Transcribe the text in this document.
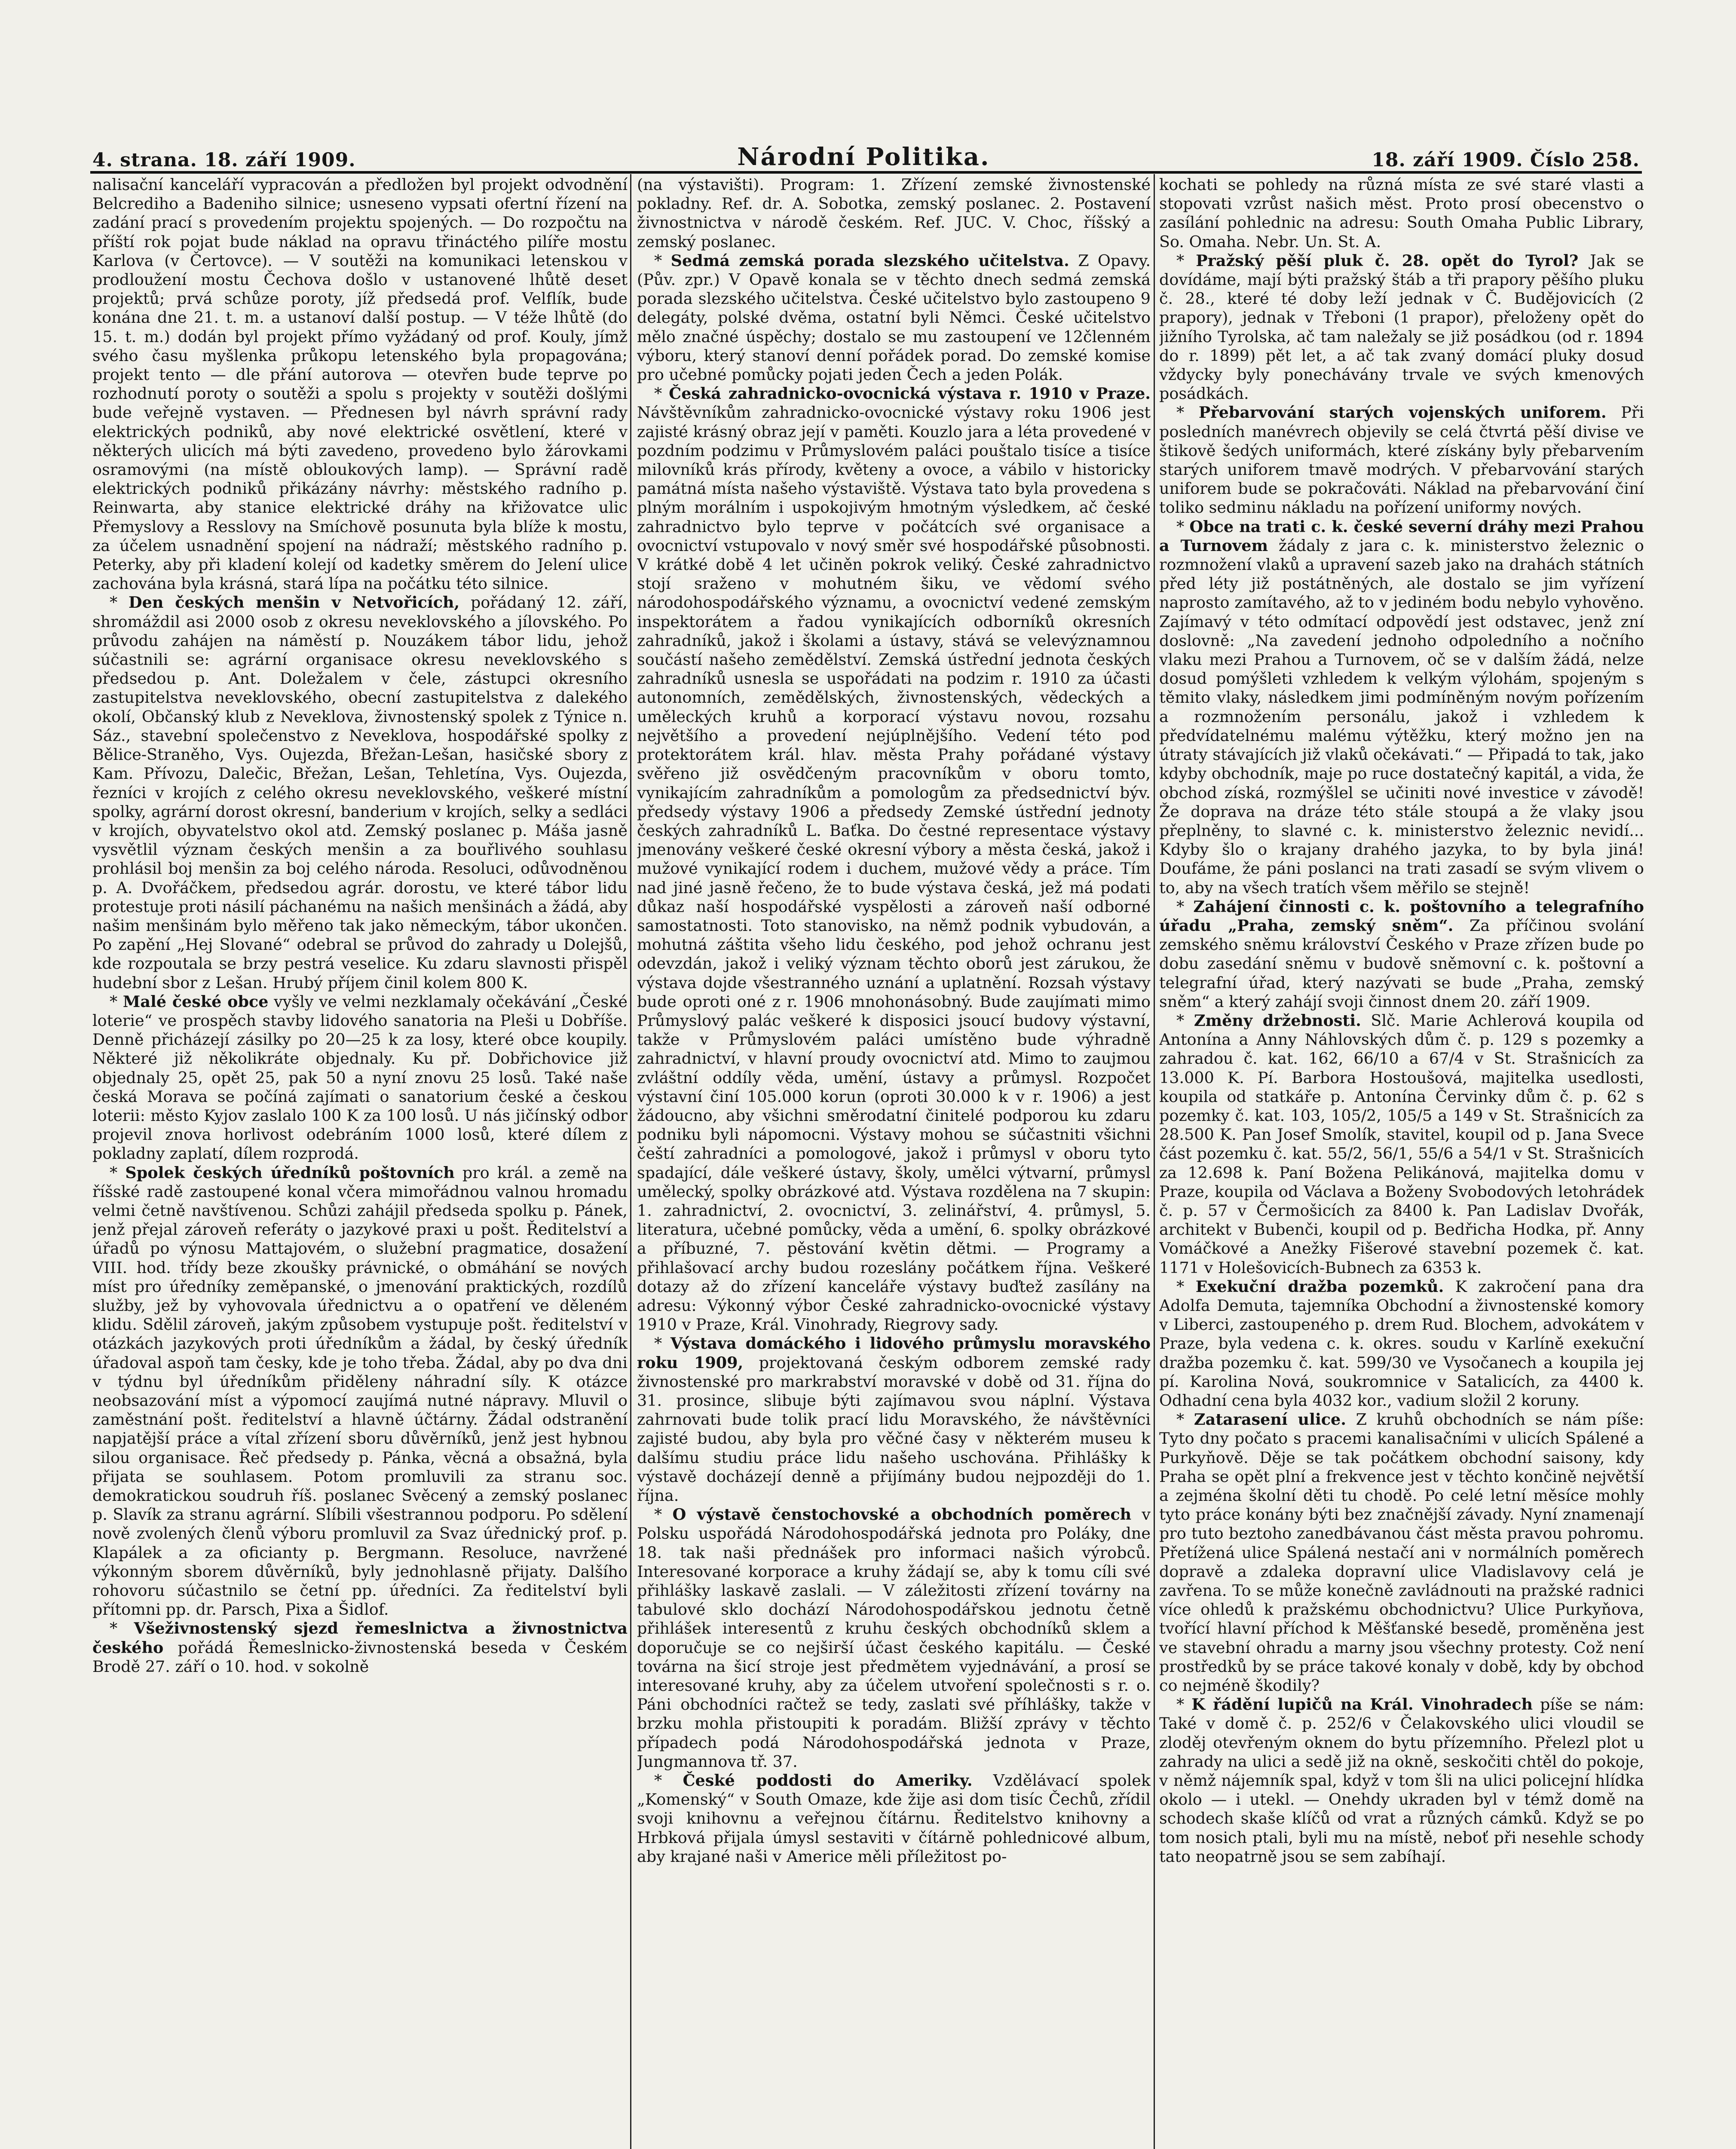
4. strana. 18. září 1909.	Národní Politika.	18. září 1909. Číslo 258.

nalisační kanceláří vypracován a předložen byl projekt odvodnění Belcrediho a Badeniho silnice; usneseno vypsati ofertní řízení na zadání prací s provedením projektu spojených. — Do rozpočtu na příští rok pojat bude náklad na opravu třináctého pilíře mostu Karlova (v Čertovce). — V soutěži na komunikaci letenskou v prodloužení mostu Čechova došlo v ustanovené lhůtě deset projektů; prvá schůze poroty, jíž předsedá prof. Velflík, bude konána dne 21. t. m. a ustanoví další postup. — V téže lhůtě (do 15. t. m.) dodán byl projekt přímo vyžádaný od prof. Kouly, jímž svého času myšlenka průkopu letenského byla propagována; projekt tento — dle přání autorova — otevřen bude teprve po rozhodnutí poroty o soutěži a spolu s projekty v soutěži došlými bude veřejně vystaven. — Přednesen byl návrh správní rady elektrických podniků, aby nové elektrické osvětlení, které v některých ulicích má býti zavedeno, provedeno bylo žárovkami osramovými (na místě obloukových lamp). — Správní radě elektrických podniků přikázány návrhy: městského radního p. Reinwarta, aby stanice elektrické dráhy na křižovatce ulic Přemyslovy a Resslovy na Smíchově posunuta byla blíže k mostu, za účelem usnadnění spojení na nádraží; městského radního p. Peterky, aby při kladení kolejí od kadetky směrem do Jelení ulice zachována byla krásná, stará lípa na počátku této silnice.

* Den českých menšin v Netvořicích, pořádaný 12. září, shromáždil asi 2000 osob z okresu neveklovského a jílovského. Po průvodu zahájen na náměstí p. Nouzákem tábor lidu, jehož súčastnili se: agrární organisace okresu neveklovského s předsedou p. Ant. Doležalem v čele, zástupci okresního zastupitelstva neveklovského, obecní zastupitelstva z dalekého okolí, Občanský klub z Neveklova, živnostenský spolek z Týnice n. Sáz., stavební společenstvo z Neveklova, hospodářské spolky z Bělice-Straněho, Vys. Oujezda, Břežan-Lešan, hasičské sbory z Kam. Přívozu, Dalečic, Břežan, Lešan, Tehletína, Vys. Oujezda, řezníci v krojích z celého okresu neveklovského, veškeré místní spolky, agrární dorost okresní, banderium v krojích, selky a sedláci v krojích, obyvatelstvo okol atd. Zemský poslanec p. Máša jasně vysvětlil význam českých menšin a za bouřlivého souhlasu prohlásil boj menšin za boj celého národa. Resoluci, odůvodněnou p. A. Dvořáčkem, předsedou agrár. dorostu, ve které tábor lidu protestuje proti násilí páchanému na našich menšinách a žádá, aby našim menšinám bylo měřeno tak jako německým, tábor ukončen. Po zapění „Hej Slované“ odebral se průvod do zahrady u Dolejšů, kde rozpoutala se brzy pestrá veselice. Ku zdaru slavnosti přispěl hudební sbor z Lešan. Hrubý příjem činil kolem 800 K.

* Malé české obce vyšly ve velmi nezklamaly očekávání „České loterie“ ve prospěch stavby lidového sanatoria na Pleši u Dobříše. Denně přicházejí zásilky po 20—25 k za losy, které obce koupily. Některé již několikráte objednaly. Ku př. Dobřichovice již objednaly 25, opět 25, pak 50 a nyní znovu 25 losů. Také naše česká Morava se počíná zajímati o sanatorium české a českou loterii: město Kyjov zaslalo 100 K za 100 losů. U nás jičínský odbor projevil znova horlivost odebráním 1000 losů, které dílem z pokladny zaplatí, dílem rozprodá.

* Spolek českých úředníků poštovních pro král. a země na říšské radě zastoupené konal včera mimořádnou valnou hromadu velmi četně navštívenou. Schůzi zahájil předseda spolku p. Pánek, jenž přejal zároveň referáty o jazykové praxi u pošt. Ředitelství a úřadů po výnosu Mattajovém, o služební pragmatice, dosažení VIII. hod. třídy beze zkoušky právnické, o obmáhání se nových míst pro úředníky zeměpanské, o jmenování praktických, rozdílů služby, jež by vyhovovala úřednictvu a o opatření ve děleném klidu. Sdělil zároveň, jakým způsobem vystupuje pošt. ředitelství v otázkách jazykových proti úředníkům a žádal, by český úředník úřadoval aspoň tam česky, kde je toho třeba. Žádal, aby po dva dni v týdnu byl úředníkům přiděleny náhradní síly. K otázce neobsazování míst a výpomocí zaujímá nutné nápravy. Mluvil o zaměstnání pošt. ředitelství a hlavně účtárny. Žádal odstranění napjatější práce a vítal zřízení sboru důvěrníků, jenž jest hybnou silou organisace. Řeč předsedy p. Pánka, věcná a obsažná, byla přijata se souhlasem. Potom promluvili za stranu soc. demokratickou soudruh říš. poslanec Svěcený a zemský poslanec p. Slavík za stranu agrární. Slíbili všestrannou podporu. Po sdělení nově zvolených členů výboru promluvil za Svaz úřednický prof. p. Klapálek a za oficianty p. Bergmann. Resoluce, navržené výkonným sborem důvěrníků, byly jednohlasně přijaty. Dalšího rohovoru súčastnilo se četní pp. úředníci. Za ředitelství byli přítomni pp. dr. Parsch, Pixa a Šidlof.

* Všeživnostenský sjezd řemeslnictva a živnostnictva českého pořádá Řemeslnicko-živnostenská beseda v Českém Brodě 27. září o 10. hod. v sokolně

(na výstavišti). Program: 1. Zřízení zemské živnostenské pokladny. Ref. dr. A. Sobotka, zemský poslanec. 2. Postavení živnostnictva v národě českém. Ref. JUC. V. Choc, říšský a zemský poslanec.

* Sedmá zemská porada slezského učitelstva. Z Opavy. (Pův. zpr.) V Opavě konala se v těchto dnech sedmá zemská porada slezského učitelstva. České učitelstvo bylo zastoupeno 9 delegáty, polské dvěma, ostatní byli Němci. České učitelstvo mělo značné úspěchy; dostalo se mu zastoupení ve 12členném výboru, který stanoví denní pořádek porad. Do zemské komise pro učebné pomůcky pojati jeden Čech a jeden Polák.

* Česká zahradnicko-ovocnická výstava r. 1910 v Praze. Návštěvníkům zahradnicko-ovocnické výstavy roku 1906 jest zajisté krásný obraz její v paměti. Kouzlo jara a léta provedené v pozdním podzimu v Průmyslovém paláci pouštalo tisíce a tisíce milovníků krás přírody, květeny a ovoce, a vábilo v historicky památná místa našeho výstaviště. Výstava tato byla provedena s plným morálním i uspokojivým hmotným výsledkem, ač české zahradnictvo bylo teprve v počátcích své organisace a ovocnictví vstupovalo v nový směr své hospodářské působnosti. V krátké době 4 let učiněn pokrok veliký. České zahradnictvo stojí sraženo v mohutném šiku, ve vědomí svého národohospodářského významu, a ovocnictví vedené zemským inspektorátem a řadou vynikajících odborníků okresních zahradníků, jakož i školami a ústavy, stává se velevýznamnou součástí našeho zemědělství. Zemská ústřední jednota českých zahradníků usnesla se uspořádati na podzim r. 1910 za účasti autonomních, zemědělských, živnostenských, vědeckých a uměleckých kruhů a korporací výstavu novou, rozsahu největšího a provedení nejúplnějšího. Vedení této pod protektorátem král. hlav. města Prahy pořádané výstavy svěřeno již osvědčeným pracovníkům v oboru tomto, vynikajícím zahradníkům a pomologům za předsednictví býv. předsedy výstavy 1906 a předsedy Zemské ústřední jednoty českých zahradníků L. Baťka. Do čestné representace výstavy jmenovány veškeré české okresní výbory a města česká, jakož i mužové vynikající rodem i duchem, mužové vědy a práce. Tím nad jiné jasně řečeno, že to bude výstava česká, jež má podati důkaz naší hospodářské vyspělosti a zároveň naší odborné samostatnosti. Toto stanovisko, na němž podnik vybudován, a mohutná záštita všeho lidu českého, pod jehož ochranu jest odevzdán, jakož i veliký význam těchto oborů jest zárukou, že výstava dojde všestranného uznání a uplatnění. Rozsah výstavy bude oproti oné z r. 1906 mnohonásobný. Bude zaujímati mimo Průmyslový palác veškeré k disposici jsoucí budovy výstavní, takže v Průmyslovém paláci umístěno bude výhradně zahradnictví, v hlavní proudy ovocnictví atd. Mimo to zaujmou zvláštní oddíly věda, umění, ústavy a průmysl. Rozpočet výstavní činí 105.000 korun (oproti 30.000 k v r. 1906) a jest žádoucno, aby všichni směrodatní činitelé podporou ku zdaru podniku byli nápomocni. Výstavy mohou se súčastniti všichni čeští zahradníci a pomologové, jakož i průmysl v oboru tyto spadající, dále veškeré ústavy, školy, umělci výtvarní, průmysl umělecký, spolky obrázkové atd. Výstava rozdělena na 7 skupin: 1. zahradnictví, 2. ovocnictví, 3. zelinářství, 4. průmysl, 5. literatura, učebné pomůcky, věda a umění, 6. spolky obrázkové a příbuzné, 7. pěstování květin dětmi. — Programy a přihlašovací archy budou rozeslány počátkem října. Veškeré dotazy až do zřízení kanceláře výstavy buďtež zasílány na adresu: Výkonný výbor České zahradnicko-ovocnické výstavy 1910 v Praze, Král. Vinohrady, Riegrovy sady.

* Výstava domáckého i lidového průmyslu moravského roku 1909, projektovaná českým odborem zemské rady živnostenské pro markrabství moravské v době od 31. října do 31. prosince, slibuje býti zajímavou svou náplní. Výstava zahrnovati bude tolik prací lidu Moravského, že návštěvníci zajisté budou, aby byla pro věčné časy v některém museu k dalšímu studiu práce lidu našeho uschována. Přihlášky k výstavě docházejí denně a přijímány budou nejpozději do 1. října.

* O výstavě čenstochovské a obchodních poměrech v Polsku uspořádá Národohospodářská jednota pro Poláky, dne 18. tak naši přednášek pro informaci našich výrobců. Interesované korporace a kruhy žádají se, aby k tomu cíli své přihlášky laskavě zaslali. — V záležitosti zřízení továrny na tabulové sklo dochází Národohospodářskou jednotu četně přihlášek interesentů z kruhu českých obchodníků sklem a doporučuje se co nejširší účast českého kapitálu. — České továrna na šicí stroje jest předmětem vyjednávání, a prosí se interesované kruhy, aby za účelem utvoření společnosti s r. o. Páni obchodníci račtež se tedy, zaslati své příhlášky, takže v brzku mohla přistoupiti k poradám. Bližší zprávy v těchto případech podá Národohospodářská jednota v Praze, Jungmannova tř. 37.

* České poddosti do Ameriky. Vzdělávací spolek „Komenský“ v South Omaze, kde žije asi dom tisíc Čechů, zřídil svoji knihovnu a veřejnou čítárnu. Ředitelstvo knihovny a Hrbková přijala úmysl sestaviti v čítárně pohlednicové album, aby krajané naši v Americe měli příležitost po-

kochati se pohledy na různá místa ze své staré vlasti a stopovati vzrůst našich měst. Proto prosí obecenstvo o zasílání pohlednic na adresu: South Omaha Public Library, So. Omaha. Nebr. Un. St. A.

* Pražský pěší pluk č. 28. opět do Tyrol? Jak se dovídáme, mají býti pražský štáb a tři prapory pěšího pluku č. 28., které té doby leží jednak v Č. Budějovicích (2 prapory), jednak v Třeboni (1 prapor), přeloženy opět do jižního Tyrolska, ač tam naležaly se již posádkou (od r. 1894 do r. 1899) pět let, a ač tak zvaný domácí pluky dosud vždycky byly ponechávány trvale ve svých kmenových posádkách.

* Přebarvování starých vojenských uniforem. Při posledních manévrech objevily se celá čtvrtá pěší divise ve štikově šedých uniformách, které získány byly přebarvením starých uniforem tmavě modrých. V přebarvování starých uniforem bude se pokračováti. Náklad na přebarvování činí toliko sedminu nákladu na pořízení uniformy nových.

* Obce na trati c. k. české severní dráhy mezi Prahou a Turnovem žádaly z jara c. k. ministerstvo železnic o rozmnožení vlaků a upravení sazeb jako na drahách státních před léty již postátněných, ale dostalo se jim vyřízení naprosto zamítavého, až to v jediném bodu nebylo vyhověno. Zajímavý v této odmítací odpovědí jest odstavec, jenž zní doslovně: „Na zavedení jednoho odpoledního a nočního vlaku mezi Prahou a Turnovem, oč se v dalším žádá, nelze dosud pomýšleti vzhledem k velkým výlohám, spojeným s těmito vlaky, následkem jimi podmíněným novým pořízením a rozmnožením personálu, jakož i vzhledem k předvídatelnému malému výtěžku, který možno jen na útraty stávajících již vlaků očekávati.“ — Připadá to tak, jako kdyby obchodník, maje po ruce dostatečný kapitál, a vida, že obchod získá, rozmýšlel se učiniti nové investice v závodě! Že doprava na dráze této stále stoupá a že vlaky jsou přeplněny, to slavné c. k. ministerstvo železnic nevidí... Kdyby šlo o krajany drahého jazyka, to by byla jiná! Doufáme, že páni poslanci na trati zasadí se svým vlivem o to, aby na všech tratích všem měřilo se stejně!

* Zahájení činnosti c. k. poštovního a telegrafního úřadu „Praha, zemský sněm“. Za příčinou svolání zemského sněmu království Českého v Praze zřízen bude po dobu zasedání sněmu v budově sněmovní c. k. poštovní a telegrafní úřad, který nazývati se bude „Praha, zemský sněm“ a který zahájí svoji činnost dnem 20. září 1909.

* Změny držebnosti. Slč. Marie Achlerová koupila od Antonína a Anny Náhlovských dům č. p. 129 s pozemky a zahradou č. kat. 162, 66/10 a 67/4 v St. Strašnicích za 13.000 K. Pí. Barbora Hostoušová, majitelka usedlosti, koupila od statkáře p. Antonína Červinky dům č. p. 62 s pozemky č. kat. 103, 105/2, 105/5 a 149 v St. Strašnicích za 28.500 K. Pan Josef Smolík, stavitel, koupil od p. Jana Svece část pozemku č. kat. 55/2, 56/1, 55/6 a 54/1 v St. Strašnicích za 12.698 k. Paní Božena Pelikánová, majitelka domu v Praze, koupila od Václava a Boženy Svobodových letohrádek č. p. 57 v Čermošicích za 8400 k. Pan Ladislav Dvořák, architekt v Bubenči, koupil od p. Bedřicha Hodka, př. Anny Vomáčkové a Anežky Fišerové stavební pozemek č. kat. 1171 v Holešovicích-Bubnech za 6353 k.

* Exekuční dražba pozemků. K zakročení pana dra Adolfa Demuta, tajemníka Obchodní a živnostenské komory v Liberci, zastoupeného p. drem Rud. Blochem, advokátem v Praze, byla vedena c. k. okres. soudu v Karlíně exekuční dražba pozemku č. kat. 599/30 ve Vysočanech a koupila jej pí. Karolina Nová, soukromnice v Satalicích, za 4400 k. Odhadní cena byla 4032 kor., vadium složil 2 koruny.

* Zatarasení ulice. Z kruhů obchodních se nám píše: Tyto dny počato s pracemi kanalisačními v ulicích Spálené a Purkyňově. Děje se tak počátkem obchodní saisony, kdy Praha se opět plní a frekvence jest v těchto končině největší a zejména školní děti tu chodě. Po celé letní měsíce mohly tyto práce konány býti bez značnější závady. Nyní znamenají pro tuto beztoho zanedbávanou část města pravou pohromu. Přetížená ulice Spálená nestačí ani v normálních poměrech dopravě a zdaleka dopravní ulice Vladislavovy celá je zavřena. To se může konečně zavládnouti na pražské radnici více ohledů k pražskému obchodnictvu? Ulice Purkyňova, tvořící hlavní příchod k Měšťanské besedě, proměněna jest ve stavební ohradu a marny jsou všechny protesty. Což není prostředků by se práce takové konaly v době, kdy by obchod co nejméně škodily?

* K řádění lupičů na Král. Vinohradech píše se nám: Také v domě č. p. 252/6 v Čelakovského ulici vloudil se zloděj otevřeným oknem do bytu přízemního. Přelezl plot u zahrady na ulici a sedě již na okně, seskočiti chtěl do pokoje, v němž nájemník spal, když v tom šli na ulici policejní hlídka okolo — i utekl. — Onehdy ukraden byl v témž domě na schodech skaše klíčů od vrat a různých cámků. Když se po tom nosich ptali, byli mu na místě, neboť při nesehle schody tato neopatrně jsou se sem zabíhají.
